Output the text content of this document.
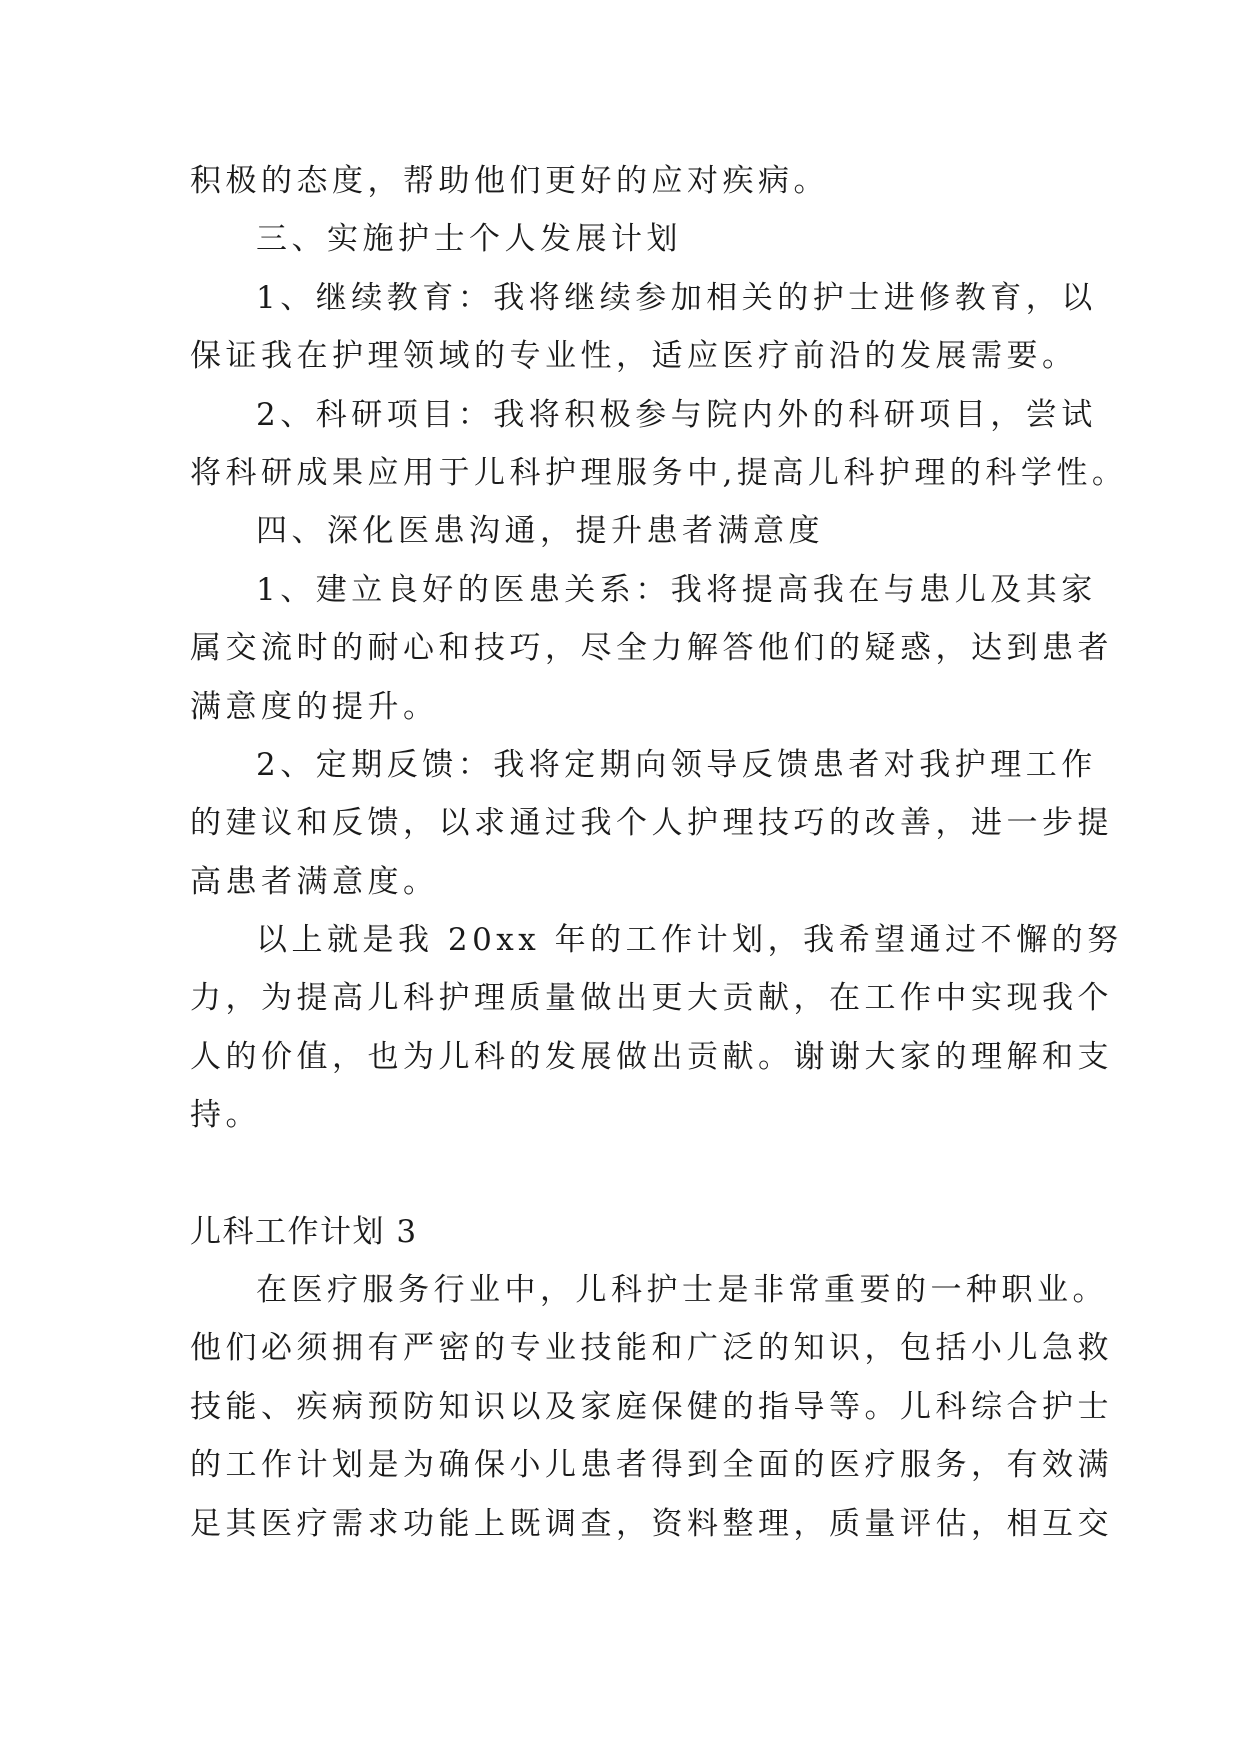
积极的态度，帮助他们更好的应对疾病。
三、实施护士个人发展计划
1、继续教育：我将继续参加相关的护士进修教育，以
保证我在护理领域的专业性，适应医疗前沿的发展需要。
2、科研项目：我将积极参与院内外的科研项目，尝试
将科研成果应用于儿科护理服务中,提高儿科护理的科学性。
四、深化医患沟通，提升患者满意度
1、建立良好的医患关系：我将提高我在与患儿及其家
属交流时的耐心和技巧，尽全力解答他们的疑惑，达到患者
满意度的提升。
2、定期反馈：我将定期向领导反馈患者对我护理工作
的建议和反馈，以求通过我个人护理技巧的改善，进一步提
高患者满意度。
以上就是我 20xx 年的工作计划，我希望通过不懈的努
力，为提高儿科护理质量做出更大贡献，在工作中实现我个
人的价值，也为儿科的发展做出贡献。谢谢大家的理解和支
持。
儿科工作计划 3
在医疗服务行业中，儿科护士是非常重要的一种职业。
他们必须拥有严密的专业技能和广泛的知识，包括小儿急救
技能、疾病预防知识以及家庭保健的指导等。儿科综合护士
的工作计划是为确保小儿患者得到全面的医疗服务，有效满
足其医疗需求功能上既调查，资料整理，质量评估，相互交
